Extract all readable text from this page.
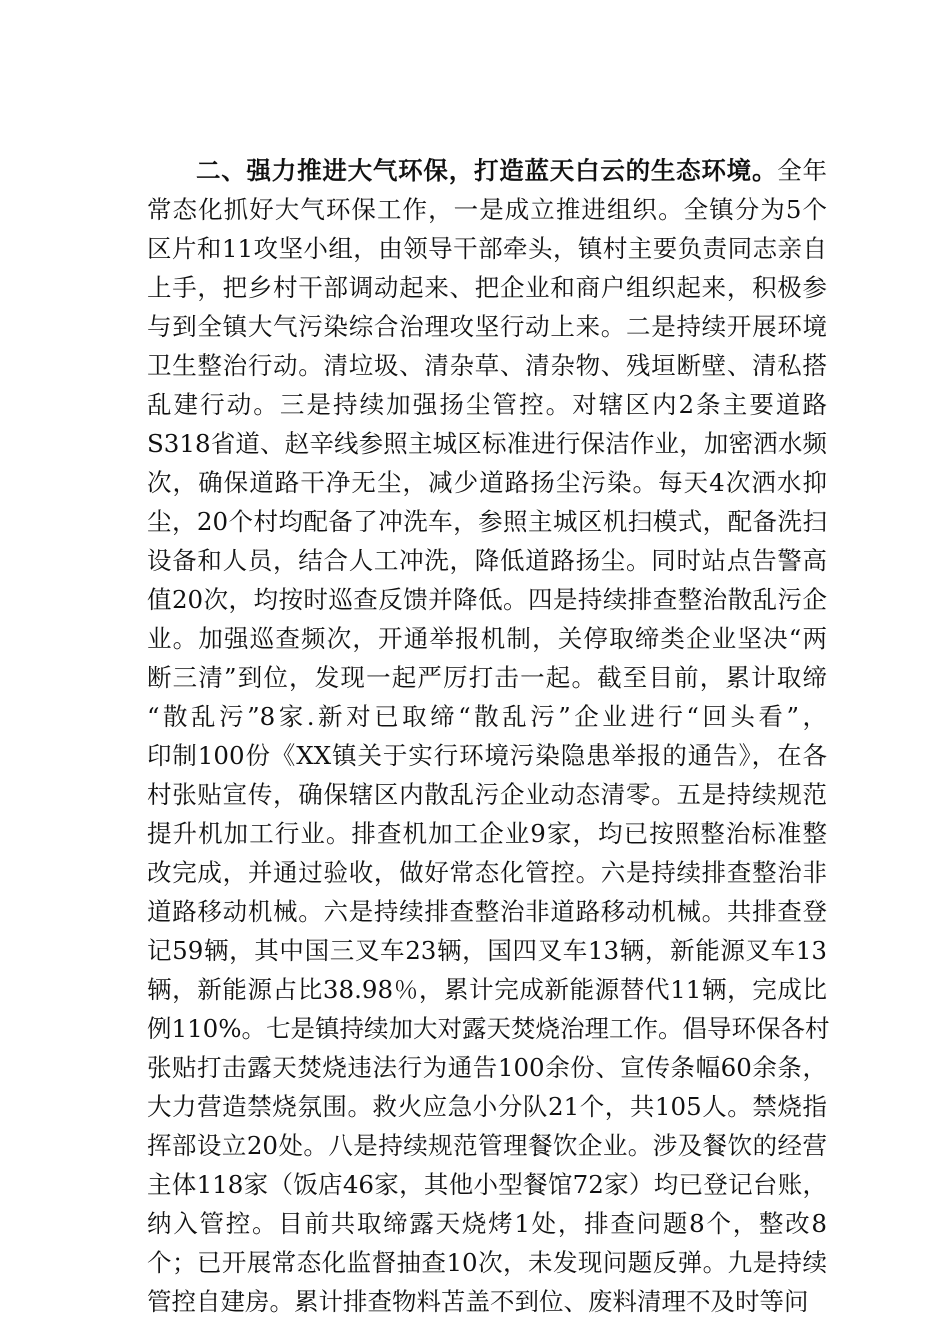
二、强力推进大气环保，打造蓝天白云的生态环境。全年
常态化抓好大气环保工作，一是成立推进组织。全镇分为5个
区片和11攻坚小组，由领导干部牵头，镇村主要负责同志亲自
上手，把乡村干部调动起来、把企业和商户组织起来，积极参
与到全镇大气污染综合治理攻坚行动上来。二是持续开展环境
卫生整治行动。清垃圾、清杂草、清杂物、残垣断壁、清私搭
乱建行动。三是持续加强扬尘管控。对辖区内2条主要道路
S318省道、赵辛线参照主城区标准进行保洁作业，加密洒水频
次，确保道路干净无尘，减少道路扬尘污染。每天4次洒水抑
尘，20个村均配备了冲洗车，参照主城区机扫模式，配备洗扫
设备和人员，结合人工冲洗，降低道路扬尘。同时站点告警高
值20次，均按时巡查反馈并降低。四是持续排查整治散乱污企
业。加强巡查频次，开通举报机制，关停取缔类企业坚决“两
断三清”到位，发现一起严厉打击一起。截至目前，累计取缔
“散乱污”8家.新对已取缔“散乱污”企业进行“回头看”，
印制100份《XX镇关于实行环境污染隐患举报的通告》，在各
村张贴宣传，确保辖区内散乱污企业动态清零。五是持续规范
提升机加工行业。排查机加工企业9家，均已按照整治标准整
改完成，并通过验收，做好常态化管控。六是持续排查整治非
道路移动机械。六是持续排查整治非道路移动机械。共排查登
记59辆，其中国三叉车23辆，国四叉车13辆，新能源叉车13
辆，新能源占比38.98％，累计完成新能源替代11辆，完成比
例110%。七是镇持续加大对露天焚烧治理工作。倡导环保各村
张贴打击露天焚烧违法行为通告100余份、宣传条幅60余条，
大力营造禁烧氛围。救火应急小分队21个，共105人。禁烧指
挥部设立20处。八是持续规范管理餐饮企业。涉及餐饮的经营
主体118家（饭店46家，其他小型餐馆72家）均已登记台账，
纳入管控。目前共取缔露天烧烤1处，排查问题8个，整改8
个；已开展常态化监督抽查10次，未发现问题反弹。九是持续
管控自建房。累计排查物料苫盖不到位、废料清理不及时等问
